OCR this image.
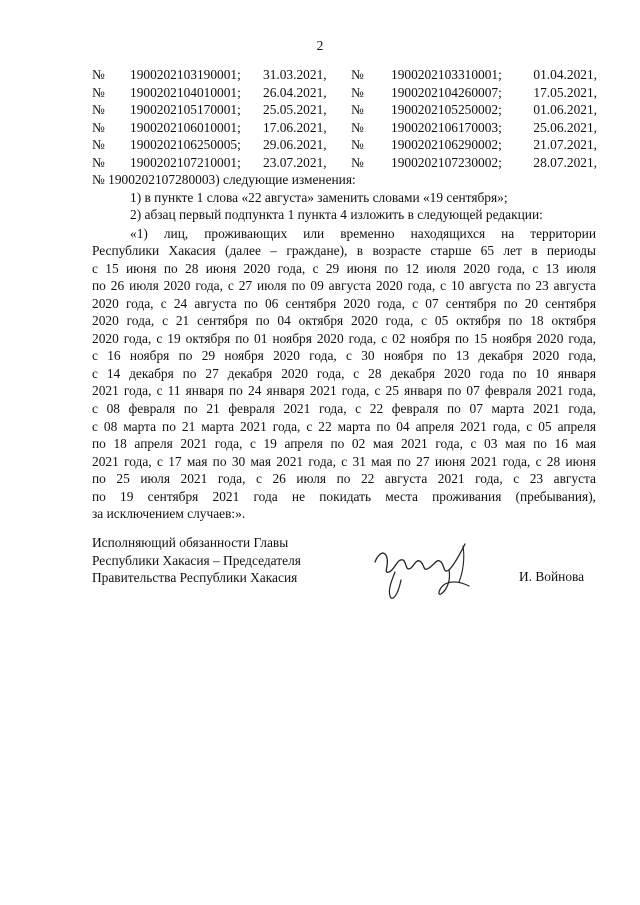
2
№	1900202103190001;	31.03.2021,	№	1900202103310001;	01.04.2021,
№	1900202104010001;	26.04.2021,	№	1900202104260007;	17.05.2021,
№	1900202105170001;	25.05.2021,	№	1900202105250002;	01.06.2021,
№	1900202106010001;	17.06.2021,	№	1900202106170003;	25.06.2021,
№	1900202106250005;	29.06.2021,	№	1900202106290002;	21.07.2021,
№	1900202107210001;	23.07.2021,	№	1900202107230002;	28.07.2021,
№ 1900202107280003) следующие изменения:
1) в пункте 1 слова «22 августа» заменить словами «19 сентября»;
2) абзац первый подпункта 1 пункта 4 изложить в следующей редакции:
«1) лиц, проживающих или временно находящихся на территории
Республики Хакасия (далее – граждане), в возрасте старше 65 лет в периоды
с 15 июня по 28 июня 2020 года, с 29 июня по 12 июля 2020 года, с 13 июля
по 26 июля 2020 года, с 27 июля по 09 августа 2020 года, с 10 августа по 23 августа
2020 года, с 24 августа по 06 сентября 2020 года, с 07 сентября по 20 сентября
2020 года, с 21 сентября по 04 октября 2020 года, с 05 октября по 18 октября
2020 года, с 19 октября по 01 ноября 2020 года, с 02 ноября по 15 ноября 2020 года,
с 16 ноября по 29 ноября 2020 года, с 30 ноября по 13 декабря 2020 года,
с 14 декабря по 27 декабря 2020 года, с 28 декабря 2020 года по 10 января
2021 года, с 11 января по 24 января 2021 года, с 25 января по 07 февраля 2021 года,
с 08 февраля по 21 февраля 2021 года, с 22 февраля по 07 марта 2021 года,
с 08 марта по 21 марта 2021 года, с 22 марта по 04 апреля 2021 года, с 05 апреля
по 18 апреля 2021 года, с 19 апреля по 02 мая 2021 года, с 03 мая по 16 мая
2021 года, с 17 мая по 30 мая 2021 года, с 31 мая по 27 июня 2021 года, с 28 июня
по 25 июля 2021 года, с 26 июля по 22 августа 2021 года, с 23 августа
по 19 сентября 2021 года не покидать места проживания (пребывания),
за исключением случаев:».
Исполняющий обязанности Главы
Республики Хакасия – Председателя
Правительства Республики Хакасия	И. Войнова
